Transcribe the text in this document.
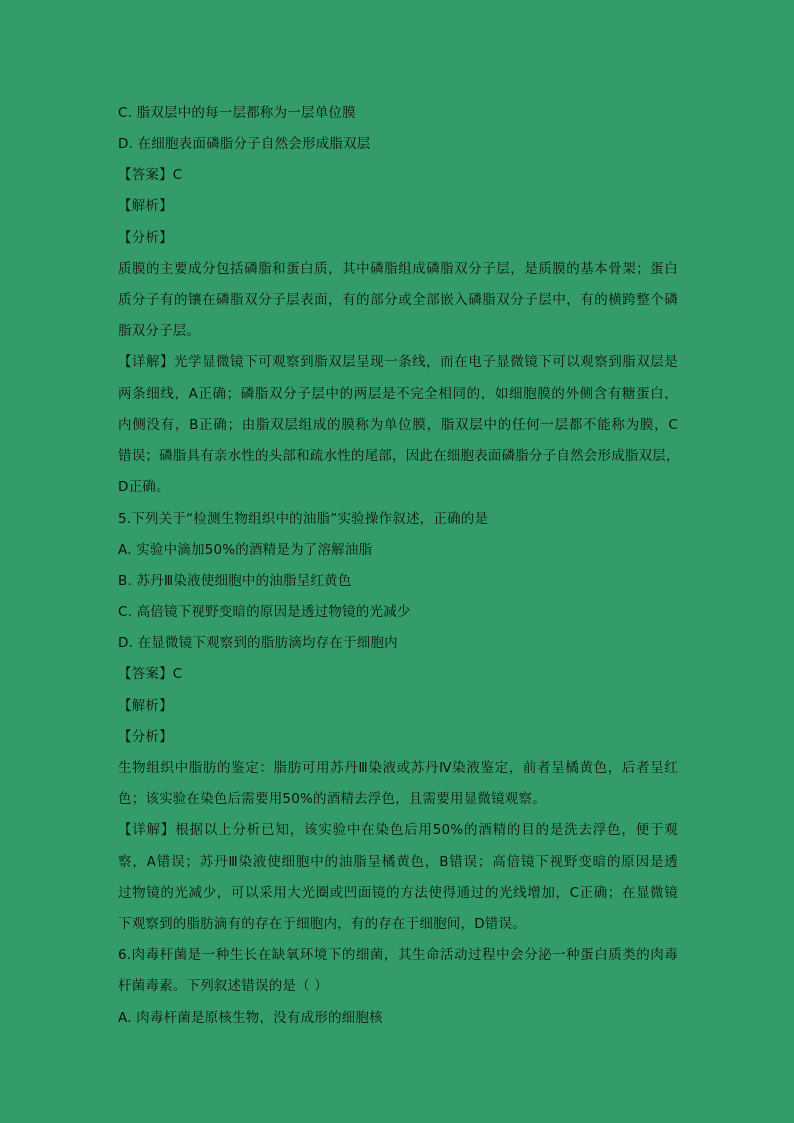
C. 脂双层中的每一层都称为一层单位膜
D. 在细胞表面磷脂分子自然会形成脂双层
【答案】C
【解析】
【分析】
质膜的主要成分包括磷脂和蛋白质，其中磷脂组成磷脂双分子层，是质膜的基本骨架；蛋白
质分子有的镶在磷脂双分子层表面，有的部分或全部嵌入磷脂双分子层中，有的横跨整个磷
脂双分子层。
【详解】光学显微镜下可观察到脂双层呈现一条线，而在电子显微镜下可以观察到脂双层是
两条细线，A正确；磷脂双分子层中的两层是不完全相同的，如细胞膜的外侧含有糖蛋白，
内侧没有，B正确；由脂双层组成的膜称为单位膜，脂双层中的任何一层都不能称为膜，C
错误；磷脂具有亲水性的头部和疏水性的尾部，因此在细胞表面磷脂分子自然会形成脂双层，
D正确。
5.下列关于“检测生物组织中的油脂”实验操作叙述，正确的是
A. 实验中滴加50%的酒精是为了溶解油脂
B. 苏丹Ⅲ染液使细胞中的油脂呈红黄色
C. 高倍镜下视野变暗的原因是透过物镜的光减少
D. 在显微镜下观察到的脂肪滴均存在于细胞内
【答案】C
【解析】
【分析】
生物组织中脂肪的鉴定：脂肪可用苏丹Ⅲ染液或苏丹Ⅳ染液鉴定，前者呈橘黄色，后者呈红
色；该实验在染色后需要用50%的酒精去浮色，且需要用显微镜观察。
【详解】根据以上分析已知，该实验中在染色后用50%的酒精的目的是洗去浮色，便于观
察，A错误；苏丹Ⅲ染液使细胞中的油脂呈橘黄色，B错误；高倍镜下视野变暗的原因是透
过物镜的光减少，可以采用大光圈或凹面镜的方法使得通过的光线增加，C正确；在显微镜
下观察到的脂肪滴有的存在于细胞内，有的存在于细胞间，D错误。
6.肉毒杆菌是一种生长在缺氧环境下的细菌，其生命活动过程中会分泌一种蛋白质类的肉毒
杆菌毒素。下列叙述错误的是（ ）
A. 肉毒杆菌是原核生物，没有成形的细胞核
